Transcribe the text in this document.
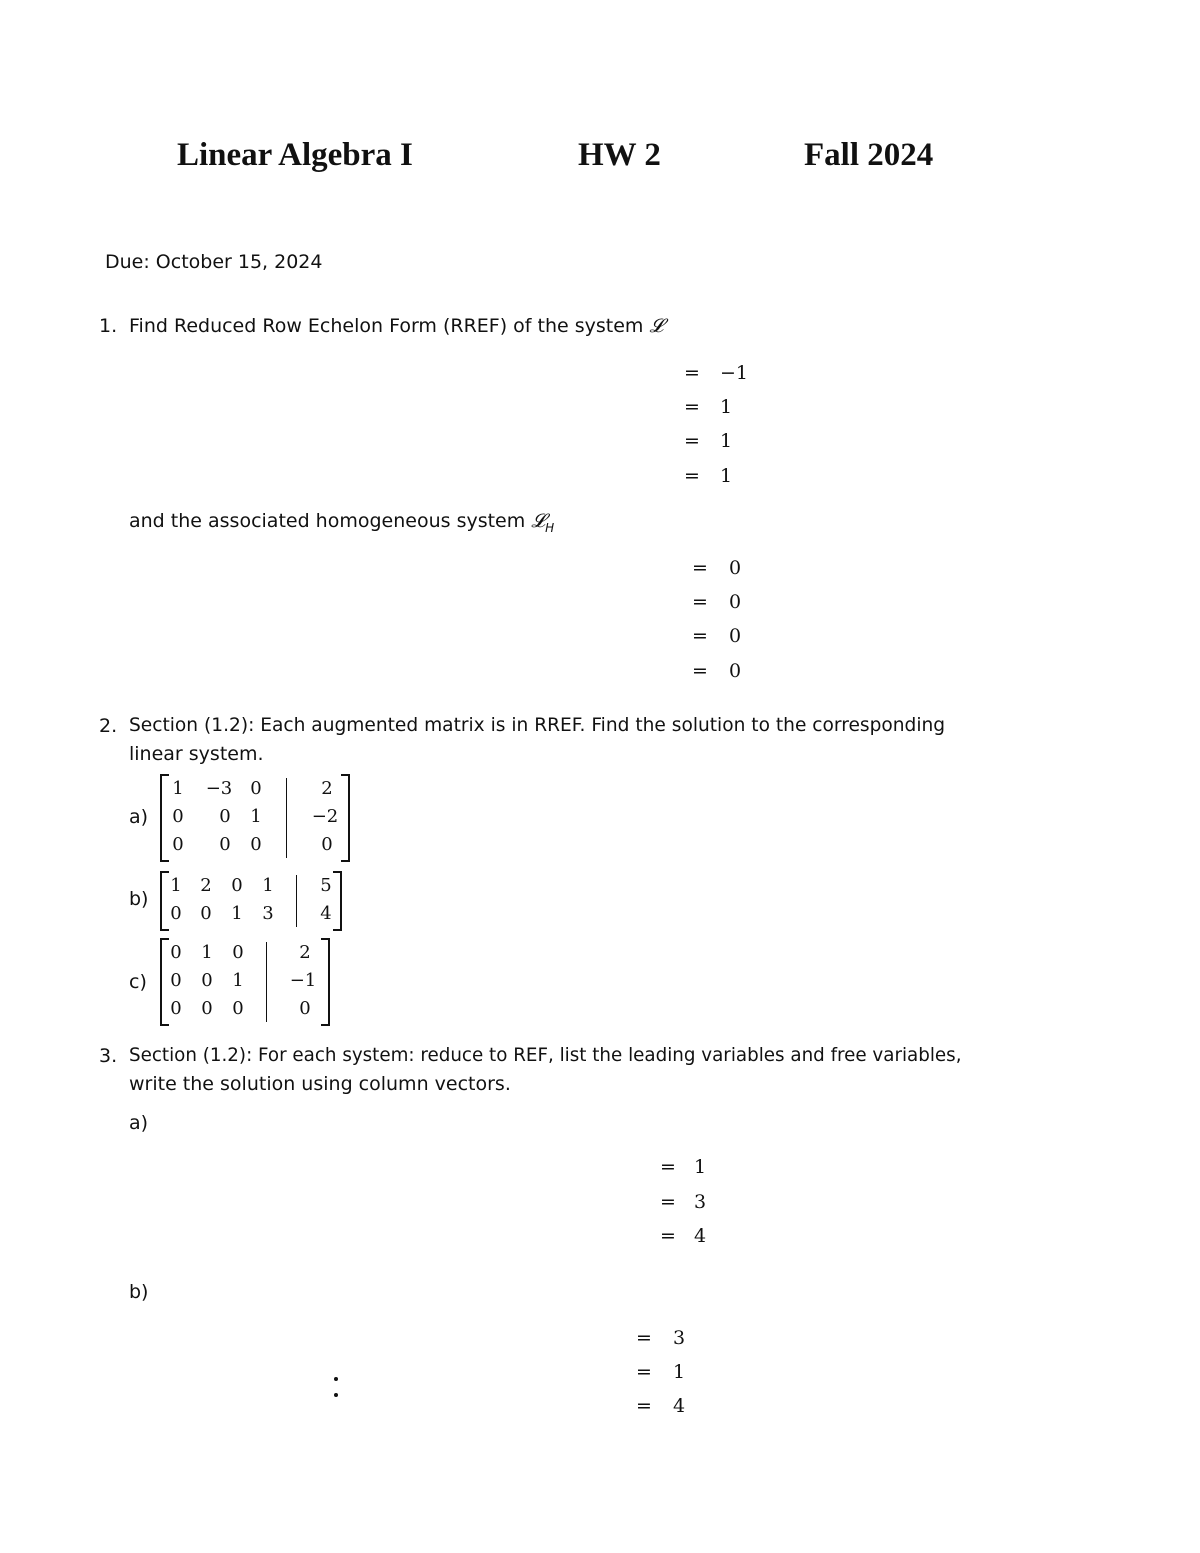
Linear Algebra I	HW 2	Fall 2024
Due: October 15, 2024
1. Find Reduced Row Echelon Form (RREF) of the system 𝓛
=	−1
=	1
=	1
=	1
and the associated homogeneous system 𝓛$_H$
=	0
=	0
=	0
=	0
2. Section (1.2): Each augmented matrix is in RREF. Find the solution to the corresponding
linear system.
a)
1 −3 0	2
0	0	1	−2
0	0	0	0
b)
1 2 0 1	5
0 0 1 3	4
c)
0 1 0	2
0 0 1	−1
0 0 0	0
3. Section (1.2): For each system: reduce to REF, list the leading variables and free variables,
write the solution using column vectors.
a)
= 1
= 3
= 4
b)
=	3
=	1
=	4
